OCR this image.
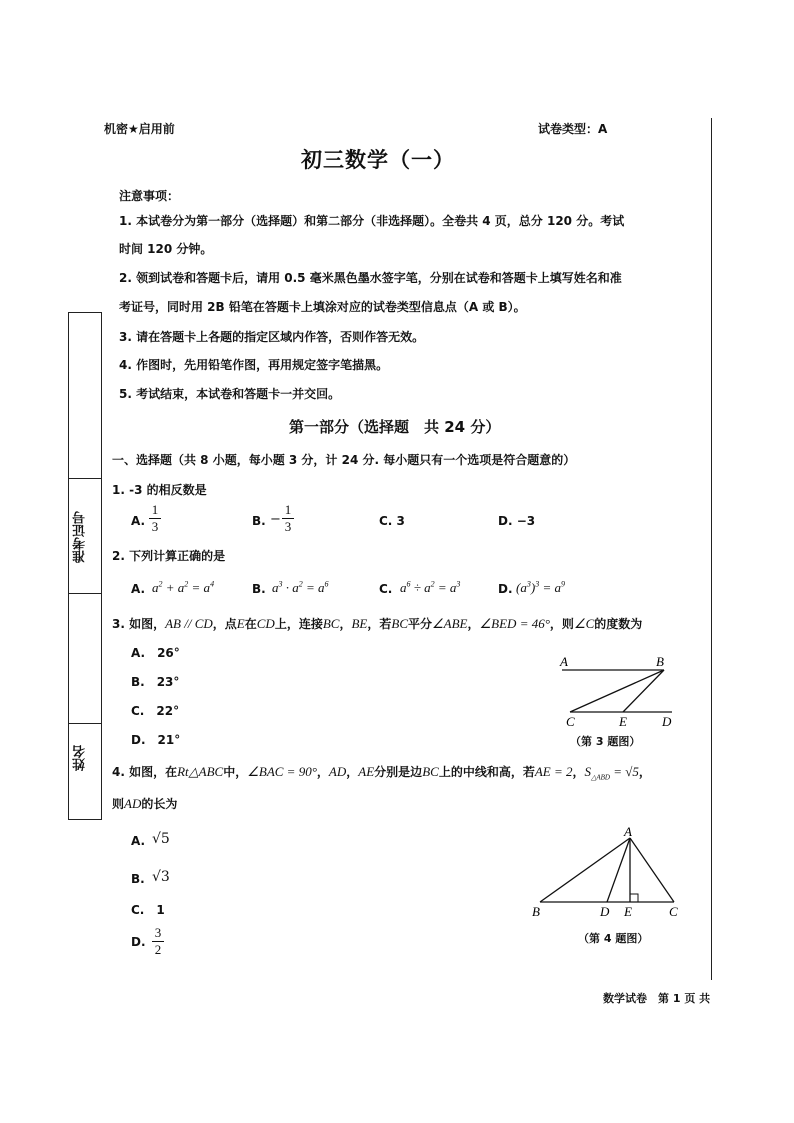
准考证号
姓名
机密★启用前	试卷类型：A
初三数学（一）
注意事项：
1. 本试卷分为第一部分（选择题）和第二部分（非选择题）。全卷共 4 页，总分 120 分。考试
时间 120 分钟。
2. 领到试卷和答题卡后，请用 0.5 毫米黑色墨水签字笔，分别在试卷和答题卡上填写姓名和准
考证号，同时用 2B 铅笔在答题卡上填涂对应的试卷类型信息点（A 或 B）。
3. 请在答题卡上各题的指定区域内作答，否则作答无效。
4. 作图时，先用铅笔作图，再用规定签字笔描黑。
5. 考试结束，本试卷和答题卡一并交回。
第一部分（选择题　共 24 分）
一、选择题（共 8 小题，每小题 3 分，计 24 分. 每小题只有一个选项是符合题意的）
1. -3 的相反数是
A.
1
3	B. −
1
3	C. 3	D. −3
2. 下列计算正确的是
A. $a^2 + a^2 = a^4$	B. $a^3 \cdot a^2 = a^6$	C. $a^6 \div a^2 = a^3$	D. $(a^3)^3 = a^9$
3. 如图，AB // CD，点E在CD上，连接BC，BE，若BC平分∠ABE，∠BED = 46°，则∠C的度数为
A.　26°
B.　23°
C.　22°
D.　21°
A	B
C	E	D
（第 3 题图）
4. 如图，在Rt△ABC中，∠BAC = 90°，AD，AE分别是边BC上的中线和高，若AE = 2，$S_{\triangle ABD} = √5$，
则AD的长为
A. √5
B. √3
C.　1
D.
3
2
A
B	D E	C
（第 4 题图）
数学试卷　第 1 页 共
